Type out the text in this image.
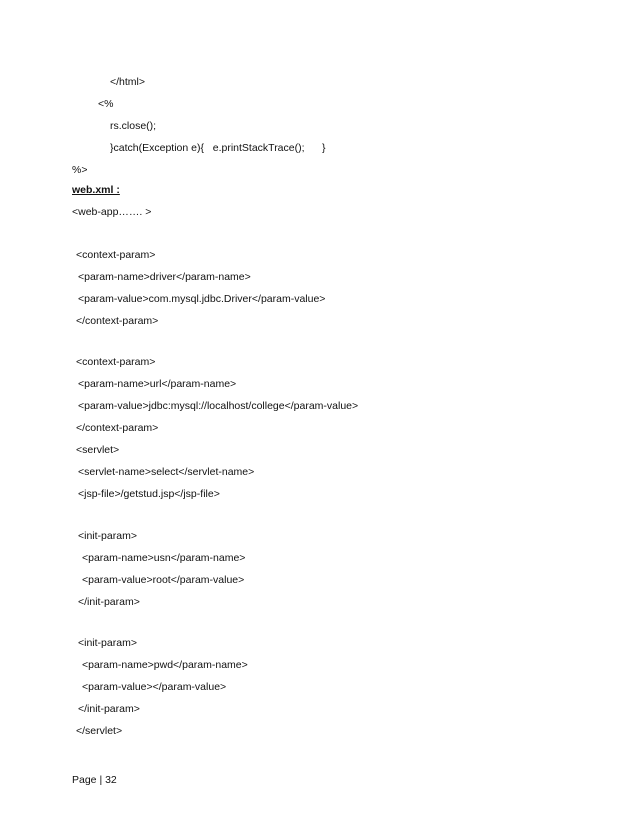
</html>
<%
rs.close();
}catch(Exception e){   e.printStackTrace();      }
%>
web.xml :
<web-app……. >
<context-param>
<param-name>driver</param-name>
<param-value>com.mysql.jdbc.Driver</param-value>
</context-param>
<context-param>
<param-name>url</param-name>
<param-value>jdbc:mysql://localhost/college</param-value>
</context-param>
<servlet>
<servlet-name>select</servlet-name>
<jsp-file>/getstud.jsp</jsp-file>
<init-param>
<param-name>usn</param-name>
<param-value>root</param-value>
</init-param>
<init-param>
<param-name>pwd</param-name>
<param-value></param-value>
</init-param>
</servlet>
Page | 32
